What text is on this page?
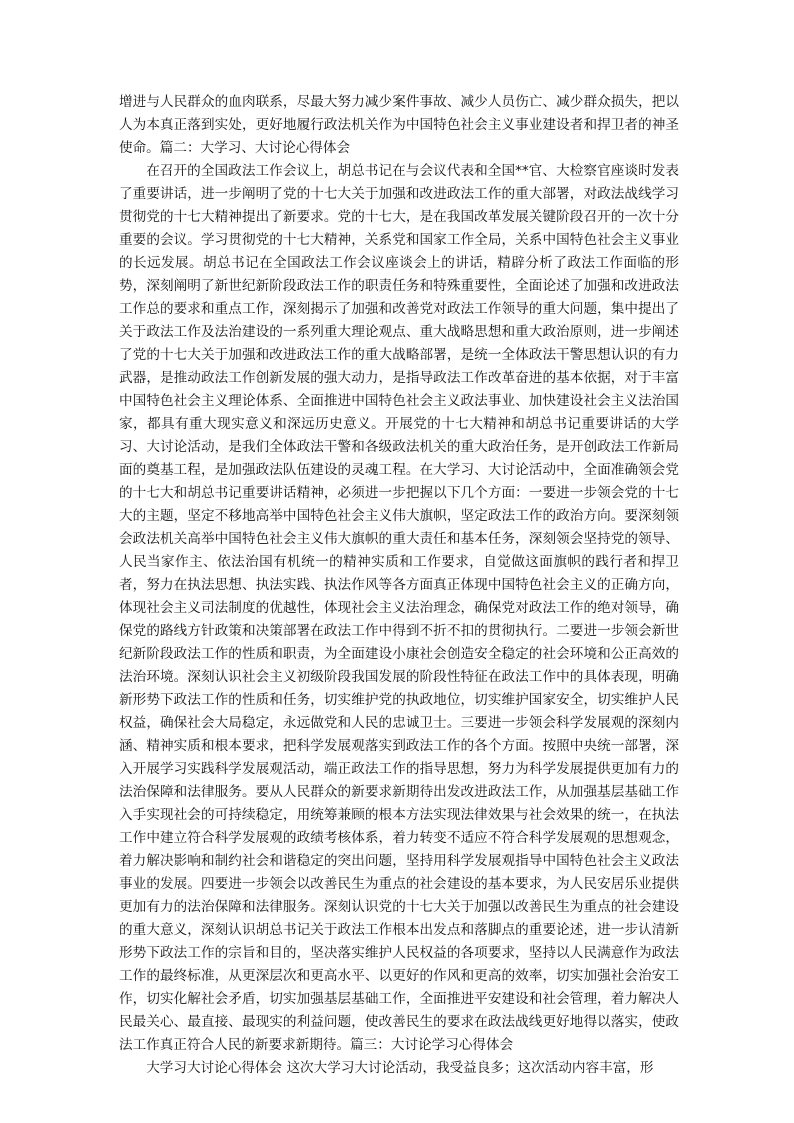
增进与人民群众的血肉联系，尽最大努力减少案件事故、减少人员伤亡、减少群众损失，把以人为本真正落到实处，更好地履行政法机关作为中国特色社会主义事业建设者和捍卫者的神圣使命。篇二：大学习、大讨论心得体会

在召开的全国政法工作会议上，胡总书记在与会议代表和全国**官、大检察官座谈时发表了重要讲话，进一步阐明了党的十七大关于加强和改进政法工作的重大部署，对政法战线学习贯彻党的十七大精神提出了新要求。党的十七大，是在我国改革发展关键阶段召开的一次十分重要的会议。学习贯彻党的十七大精神，关系党和国家工作全局，关系中国特色社会主义事业的长远发展。胡总书记在全国政法工作会议座谈会上的讲话，精辟分析了政法工作面临的形势，深刻阐明了新世纪新阶段政法工作的职责任务和特殊重要性，全面论述了加强和改进政法工作总的要求和重点工作，深刻揭示了加强和改善党对政法工作领导的重大问题，集中提出了关于政法工作及法治建设的一系列重大理论观点、重大战略思想和重大政治原则，进一步阐述了党的十七大关于加强和改进政法工作的重大战略部署，是统一全体政法干警思想认识的有力武器，是推动政法工作创新发展的强大动力，是指导政法工作改革奋进的基本依据，对于丰富中国特色社会主义理论体系、全面推进中国特色社会主义政法事业、加快建设社会主义法治国家，都具有重大现实意义和深远历史意义。开展党的十七大精神和胡总书记重要讲话的大学习、大讨论活动，是我们全体政法干警和各级政法机关的重大政治任务，是开创政法工作新局面的奠基工程，是加强政法队伍建设的灵魂工程。在大学习、大讨论活动中，全面准确领会党的十七大和胡总书记重要讲话精神，必须进一步把握以下几个方面：一要进一步领会党的十七大的主题，坚定不移地高举中国特色社会主义伟大旗帜，坚定政法工作的政治方向。要深刻领会政法机关高举中国特色社会主义伟大旗帜的重大责任和基本任务，深刻领会坚持党的领导、人民当家作主、依法治国有机统一的精神实质和工作要求，自觉做这面旗帜的践行者和捍卫者，努力在执法思想、执法实践、执法作风等各方面真正体现中国特色社会主义的正确方向，体现社会主义司法制度的优越性，体现社会主义法治理念，确保党对政法工作的绝对领导，确保党的路线方针政策和决策部署在政法工作中得到不折不扣的贯彻执行。二要进一步领会新世纪新阶段政法工作的性质和职责，为全面建设小康社会创造安全稳定的社会环境和公正高效的法治环境。深刻认识社会主义初级阶段我国发展的阶段性特征在政法工作中的具体表现，明确新形势下政法工作的性质和任务，切实维护党的执政地位，切实维护国家安全，切实维护人民权益，确保社会大局稳定，永远做党和人民的忠诚卫士。三要进一步领会科学发展观的深刻内涵、精神实质和根本要求，把科学发展观落实到政法工作的各个方面。按照中央统一部署，深入开展学习实践科学发展观活动，端正政法工作的指导思想，努力为科学发展提供更加有力的法治保障和法律服务。要从人民群众的新要求新期待出发改进政法工作，从加强基层基础工作入手实现社会的可持续稳定，用统筹兼顾的根本方法实现法律效果与社会效果的统一，在执法工作中建立符合科学发展观的政绩考核体系，着力转变不适应不符合科学发展观的思想观念，着力解决影响和制约社会和谐稳定的突出问题，坚持用科学发展观指导中国特色社会主义政法事业的发展。四要进一步领会以改善民生为重点的社会建设的基本要求，为人民安居乐业提供更加有力的法治保障和法律服务。深刻认识党的十七大关于加强以改善民生为重点的社会建设的重大意义，深刻认识胡总书记关于政法工作根本出发点和落脚点的重要论述，进一步认清新形势下政法工作的宗旨和目的，坚决落实维护人民权益的各项要求，坚持以人民满意作为政法工作的最终标准，从更深层次和更高水平、以更好的作风和更高的效率，切实加强社会治安工作，切实化解社会矛盾，切实加强基层基础工作，全面推进平安建设和社会管理，着力解决人民最关心、最直接、最现实的利益问题，使改善民生的要求在政法战线更好地得以落实，使政法工作真正符合人民的新要求新期待。篇三：大讨论学习心得体会

大学习大讨论心得体会 这次大学习大讨论活动，我受益良多；这次活动内容丰富，形
